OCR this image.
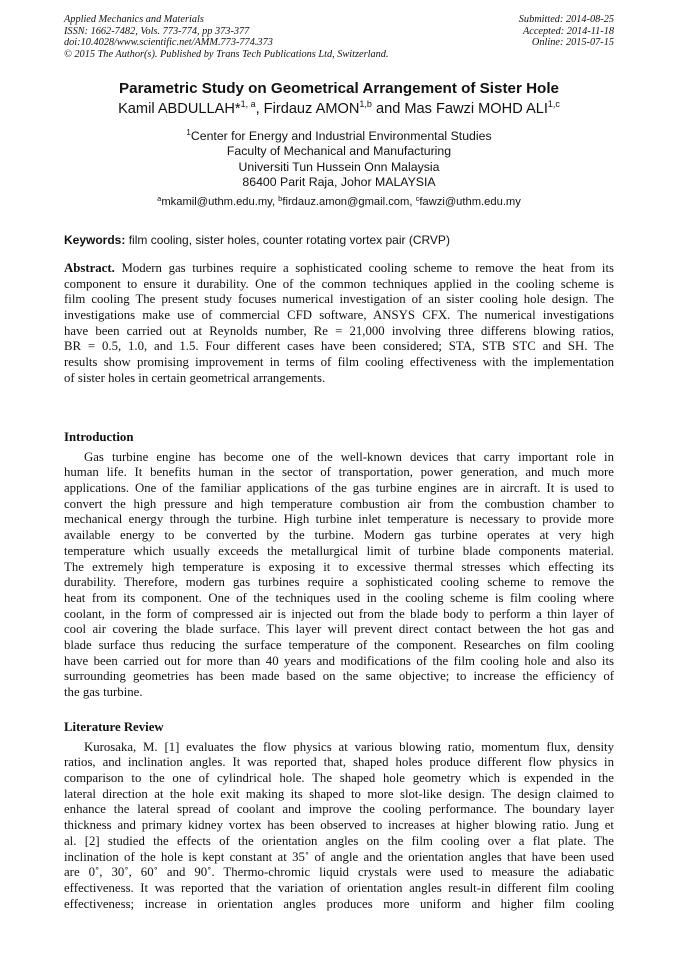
Applied Mechanics and Materials
ISSN: 1662-7482, Vols. 773-774, pp 373-377
doi:10.4028/www.scientific.net/AMM.773-774.373
© 2015 The Author(s). Published by Trans Tech Publications Ltd, Switzerland.
Submitted: 2014-08-25
Accepted: 2014-11-18
Online: 2015-07-15
Parametric Study on Geometrical Arrangement of Sister Hole
Kamil ABDULLAH*$^{1, a}$, Firdauz AMON$^{1,b}$ and Mas Fawzi MOHD ALI$^{1,c}$
$^1$Center for Energy and Industrial Environmental Studies
Faculty of Mechanical and Manufacturing
Universiti Tun Hussein Onn Malaysia
86400 Parit Raja, Johor MALAYSIA
$^a$mkamil@uthm.edu.my, $^b$firdauz.amon@gmail.com, $^c$fawzi@uthm.edu.my
Keywords: film cooling, sister holes, counter rotating vortex pair (CRVP)
Abstract. Modern gas turbines require a sophisticated cooling scheme to remove the heat from its
component to ensure it durability. One of the common techniques applied in the cooling scheme is
film cooling The present study focuses numerical investigation of an sister cooling hole design. The
investigations make use of commercial CFD software, ANSYS CFX. The numerical investigations
have been carried out at Reynolds number, Re = 21,000 involving three differens blowing ratios,
BR = 0.5, 1.0, and 1.5. Four different cases have been considered; STA, STB STC and SH. The
results show promising improvement in terms of film cooling effectiveness with the implementation
of sister holes in certain geometrical arrangements.
Introduction
Gas turbine engine has become one of the well-known devices that carry important role in
human life. It benefits human in the sector of transportation, power generation, and much more
applications. One of the familiar applications of the gas turbine engines are in aircraft. It is used to
convert the high pressure and high temperature combustion air from the combustion chamber to
mechanical energy through the turbine. High turbine inlet temperature is necessary to provide more
available energy to be converted by the turbine. Modern gas turbine operates at very high
temperature which usually exceeds the metallurgical limit of turbine blade components material.
The extremely high temperature is exposing it to excessive thermal stresses which effecting its
durability. Therefore, modern gas turbines require a sophisticated cooling scheme to remove the
heat from its component. One of the techniques used in the cooling scheme is film cooling where
coolant, in the form of compressed air is injected out from the blade body to perform a thin layer of
cool air covering the blade surface. This layer will prevent direct contact between the hot gas and
blade surface thus reducing the surface temperature of the component. Researches on film cooling
have been carried out for more than 40 years and modifications of the film cooling hole and also its
surrounding geometries has been made based on the same objective; to increase the efficiency of
the gas turbine.
Literature Review
Kurosaka, M. [1] evaluates the flow physics at various blowing ratio, momentum flux, density
ratios, and inclination angles. It was reported that, shaped holes produce different flow physics in
comparison to the one of cylindrical hole. The shaped hole geometry which is expended in the
lateral direction at the hole exit making its shaped to more slot-like design. The design claimed to
enhance the lateral spread of coolant and improve the cooling performance. The boundary layer
thickness and primary kidney vortex has been observed to increases at higher blowing ratio. Jung et
al. [2] studied the effects of the orientation angles on the film cooling over a flat plate. The
inclination of the hole is kept constant at 35˚ of angle and the orientation angles that have been used
are 0˚, 30˚, 60˚ and 90˚. Thermo-chromic liquid crystals were used to measure the adiabatic
effectiveness. It was reported that the variation of orientation angles result-in different film cooling
effectiveness; increase in orientation angles produces more uniform and higher film cooling
